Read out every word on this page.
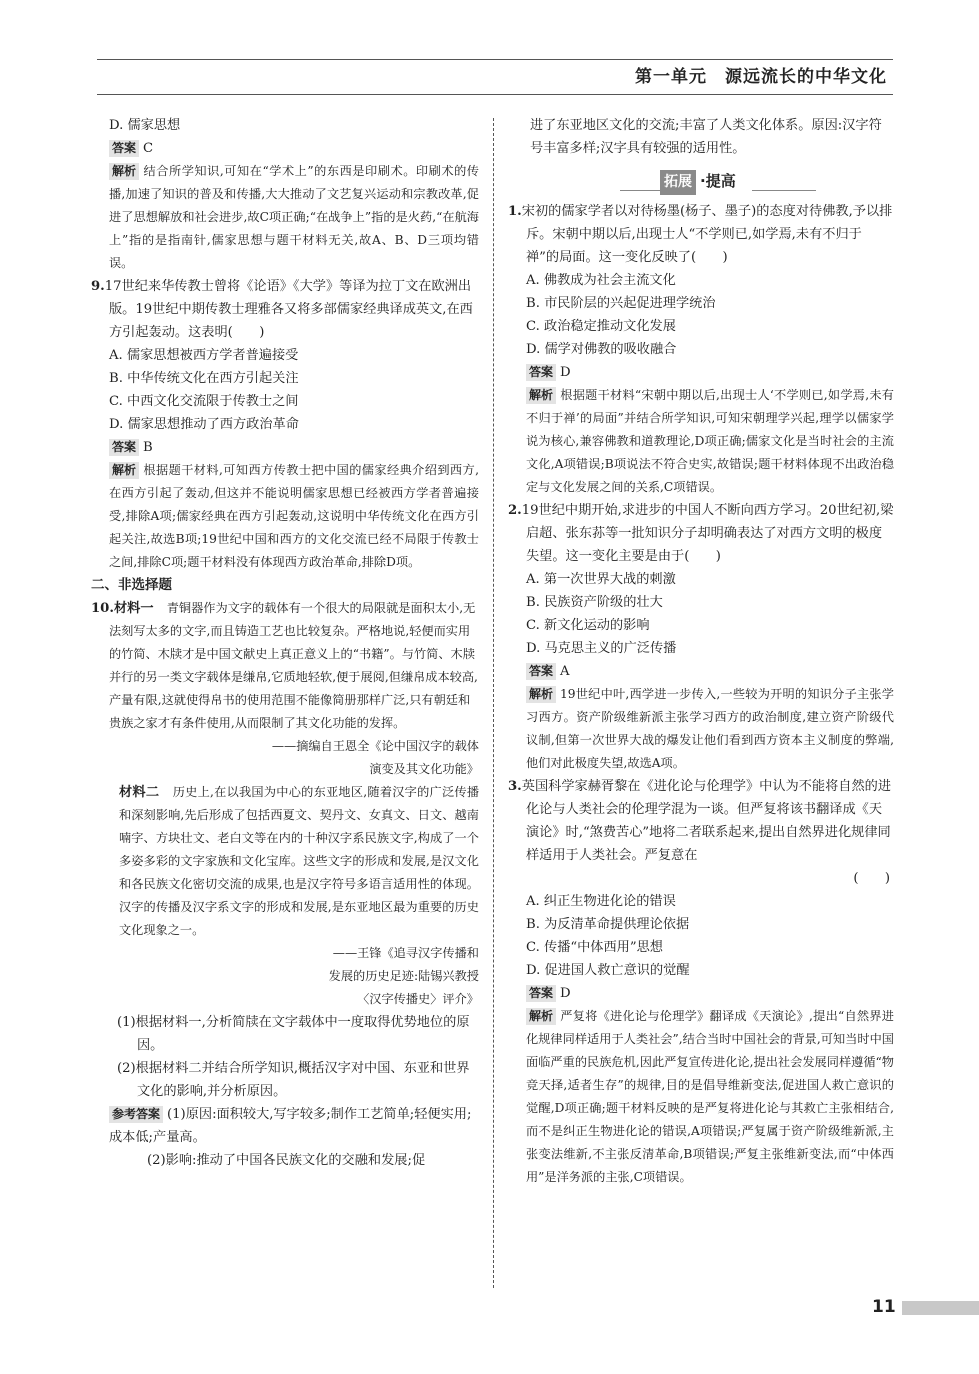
第一单元　源远流长的中华文化

D. 儒家思想

答案 C

解析 结合所学知识,可知在“学术上”的东西是印刷术。印刷术的传播,加速了知识的普及和传播,大大推动了文艺复兴运动和宗教改革,促进了思想解放和社会进步,故C项正确;“在战争上”指的是火药,“在航海上”指的是指南针,儒家思想与题干材料无关,故A、B、D三项均错误。

9.17世纪来华传教士曾将《论语》《大学》等译为拉丁文在欧洲出版。19世纪中期传教士理雅各又将多部儒家经典译成英文,在西方引起轰动。这表明(　　)

A. 儒家思想被西方学者普遍接受

B. 中华传统文化在西方引起关注

C. 中西文化交流限于传教士之间

D. 儒家思想推动了西方政治革命

答案 B

解析 根据题干材料,可知西方传教士把中国的儒家经典介绍到西方,在西方引起了轰动,但这并不能说明儒家思想已经被西方学者普遍接受,排除A项;儒家经典在西方引起轰动,这说明中华传统文化在西方引起关注,故选B项;19世纪中国和西方的文化交流已经不局限于传教士之间,排除C项;题干材料没有体现西方政治革命,排除D项。

二、非选择题

10.材料一　 青铜器作为文字的载体有一个很大的局限就是面积太小,无法刻写太多的文字,而且铸造工艺也比较复杂。严格地说,轻便而实用的竹简、木牍才是中国文献史上真正意义上的“书籍”。与竹简、木牍并行的另一类文字载体是缣帛,它质地轻软,便于展阅,但缣帛成本较高,产量有限,这就使得帛书的使用范围不能像简册那样广泛,只有朝廷和贵族之家才有条件使用,从而限制了其文化功能的发挥。

——摘编自王恩全《论中国汉字的载体

演变及其文化功能》

材料二　 历史上,在以我国为中心的东亚地区,随着汉字的广泛传播和深刻影响,先后形成了包括西夏文、契丹文、女真文、日文、越南喃字、方块壮文、老白文等在内的十种汉字系民族文字,构成了一个多姿多彩的文字家族和文化宝库。这些文字的形成和发展,是汉文化和各民族文化密切交流的成果,也是汉字符号多语言适用性的体现。汉字的传播及汉字系文字的形成和发展,是东亚地区最为重要的历史文化现象之一。

——王锋《追寻汉字传播和

发展的历史足迹:陆锡兴教授

〈汉字传播史〉评介》

(1)根据材料一,分析简牍在文字载体中一度取得优势地位的原因。

(2)根据材料二并结合所学知识,概括汉字对中国、东亚和世界文化的影响,并分析原因。

参考答案 (1)原因:面积较大,写字较多;制作工艺简单;轻便实用;成本低;产量高。

(2)影响:推动了中国各民族文化的交融和发展;促

进了东亚地区文化的交流;丰富了人类文化体系。原因:汉字符号丰富多样;汉字具有较强的适用性。

拓展 ·提高

1.宋初的儒家学者以对待杨墨(杨子、墨子)的态度对待佛教,予以排斥。宋朝中期以后,出现士人“不学则已,如学焉,未有不归于禅”的局面。这一变化反映了(　　)

A. 佛教成为社会主流文化

B. 市民阶层的兴起促进理学统治

C. 政治稳定推动文化发展

D. 儒学对佛教的吸收融合

答案 D

解析 根据题干材料“宋朝中期以后,出现士人‘不学则已,如学焉,未有不归于禅’的局面”并结合所学知识,可知宋朝理学兴起,理学以儒家学说为核心,兼容佛教和道教理论,D项正确;儒家文化是当时社会的主流文化,A项错误;B项说法不符合史实,故错误;题干材料体现不出政治稳定与文化发展之间的关系,C项错误。

2.19世纪中期开始,求进步的中国人不断向西方学习。20世纪初,梁启超、张东荪等一批知识分子却明确表达了对西方文明的极度失望。这一变化主要是由于(　　)

A. 第一次世界大战的刺激

B. 民族资产阶级的壮大

C. 新文化运动的影响

D. 马克思主义的广泛传播

答案 A

解析 19世纪中叶,西学进一步传入,一些较为开明的知识分子主张学习西方。资产阶级维新派主张学习西方的政治制度,建立资产阶级代议制,但第一次世界大战的爆发让他们看到西方资本主义制度的弊端,他们对此极度失望,故选A项。

3.英国科学家赫胥黎在《进化论与伦理学》中认为不能将自然的进化论与人类社会的伦理学混为一谈。但严复将该书翻译成《天演论》时,“煞费苦心”地将二者联系起来,提出自然界进化规律同样适用于人类社会。严复意在

(　　)

A. 纠正生物进化论的错误

B. 为反清革命提供理论依据

C. 传播“中体西用”思想

D. 促进国人救亡意识的觉醒

答案 D

解析 严复将《进化论与伦理学》翻译成《天演论》,提出“自然界进化规律同样适用于人类社会”,结合当时中国社会的背景,可知当时中国面临严重的民族危机,因此严复宣传进化论,提出社会发展同样遵循“物竞天择,适者生存”的规律,目的是倡导维新变法,促进国人救亡意识的觉醒,D项正确;题干材料反映的是严复将进化论与其救亡主张相结合,而不是纠正生物进化论的错误,A项错误;严复属于资产阶级维新派,主张变法维新,不主张反清革命,B项错误;严复主张维新变法,而“中体西用”是洋务派的主张,C项错误。

11
